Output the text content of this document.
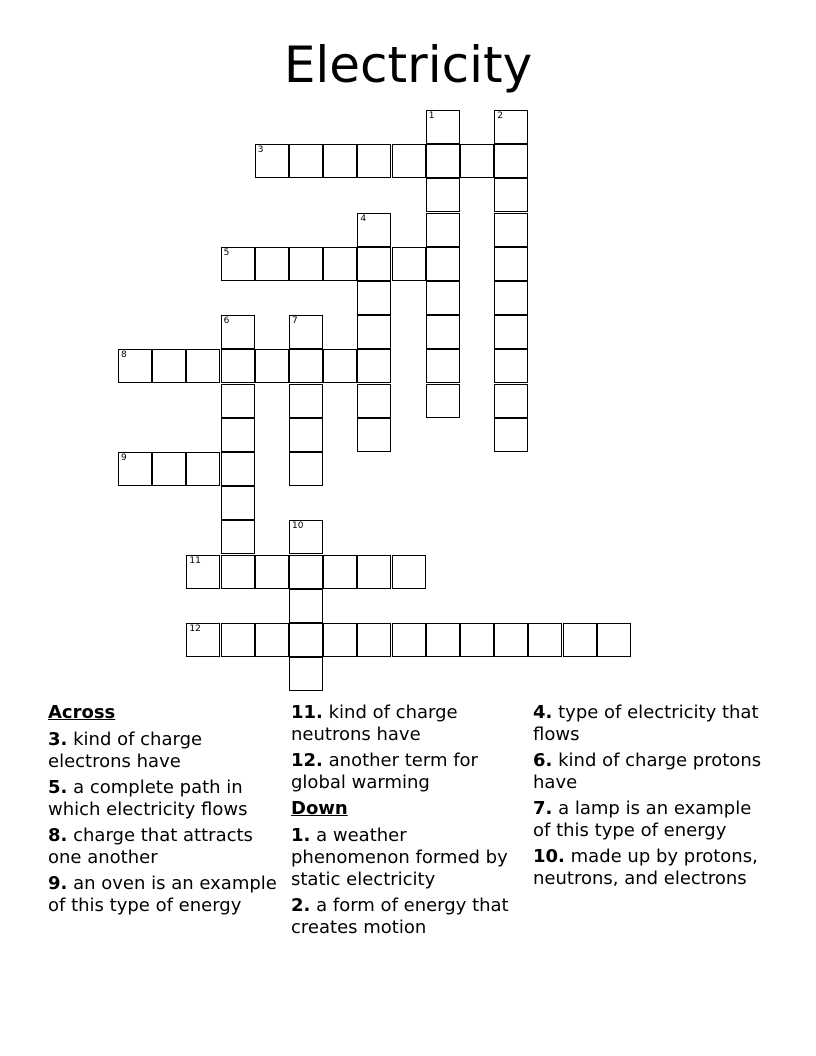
Electricity
1	2
3
4
5
6	7
8
9
10
11
12
Across
3. kind of charge electrons have
5. a complete path in which electricity flows
8. charge that attracts one another
9. an oven is an example of this type of energy
11. kind of charge neutrons have
12. another term for global warming
Down
1. a weather phenomenon formed by static electricity
2. a form of energy that creates motion
4. type of electricity that flows
6. kind of charge protons have
7. a lamp is an example of this type of energy
10. made up by protons, neutrons, and electrons
